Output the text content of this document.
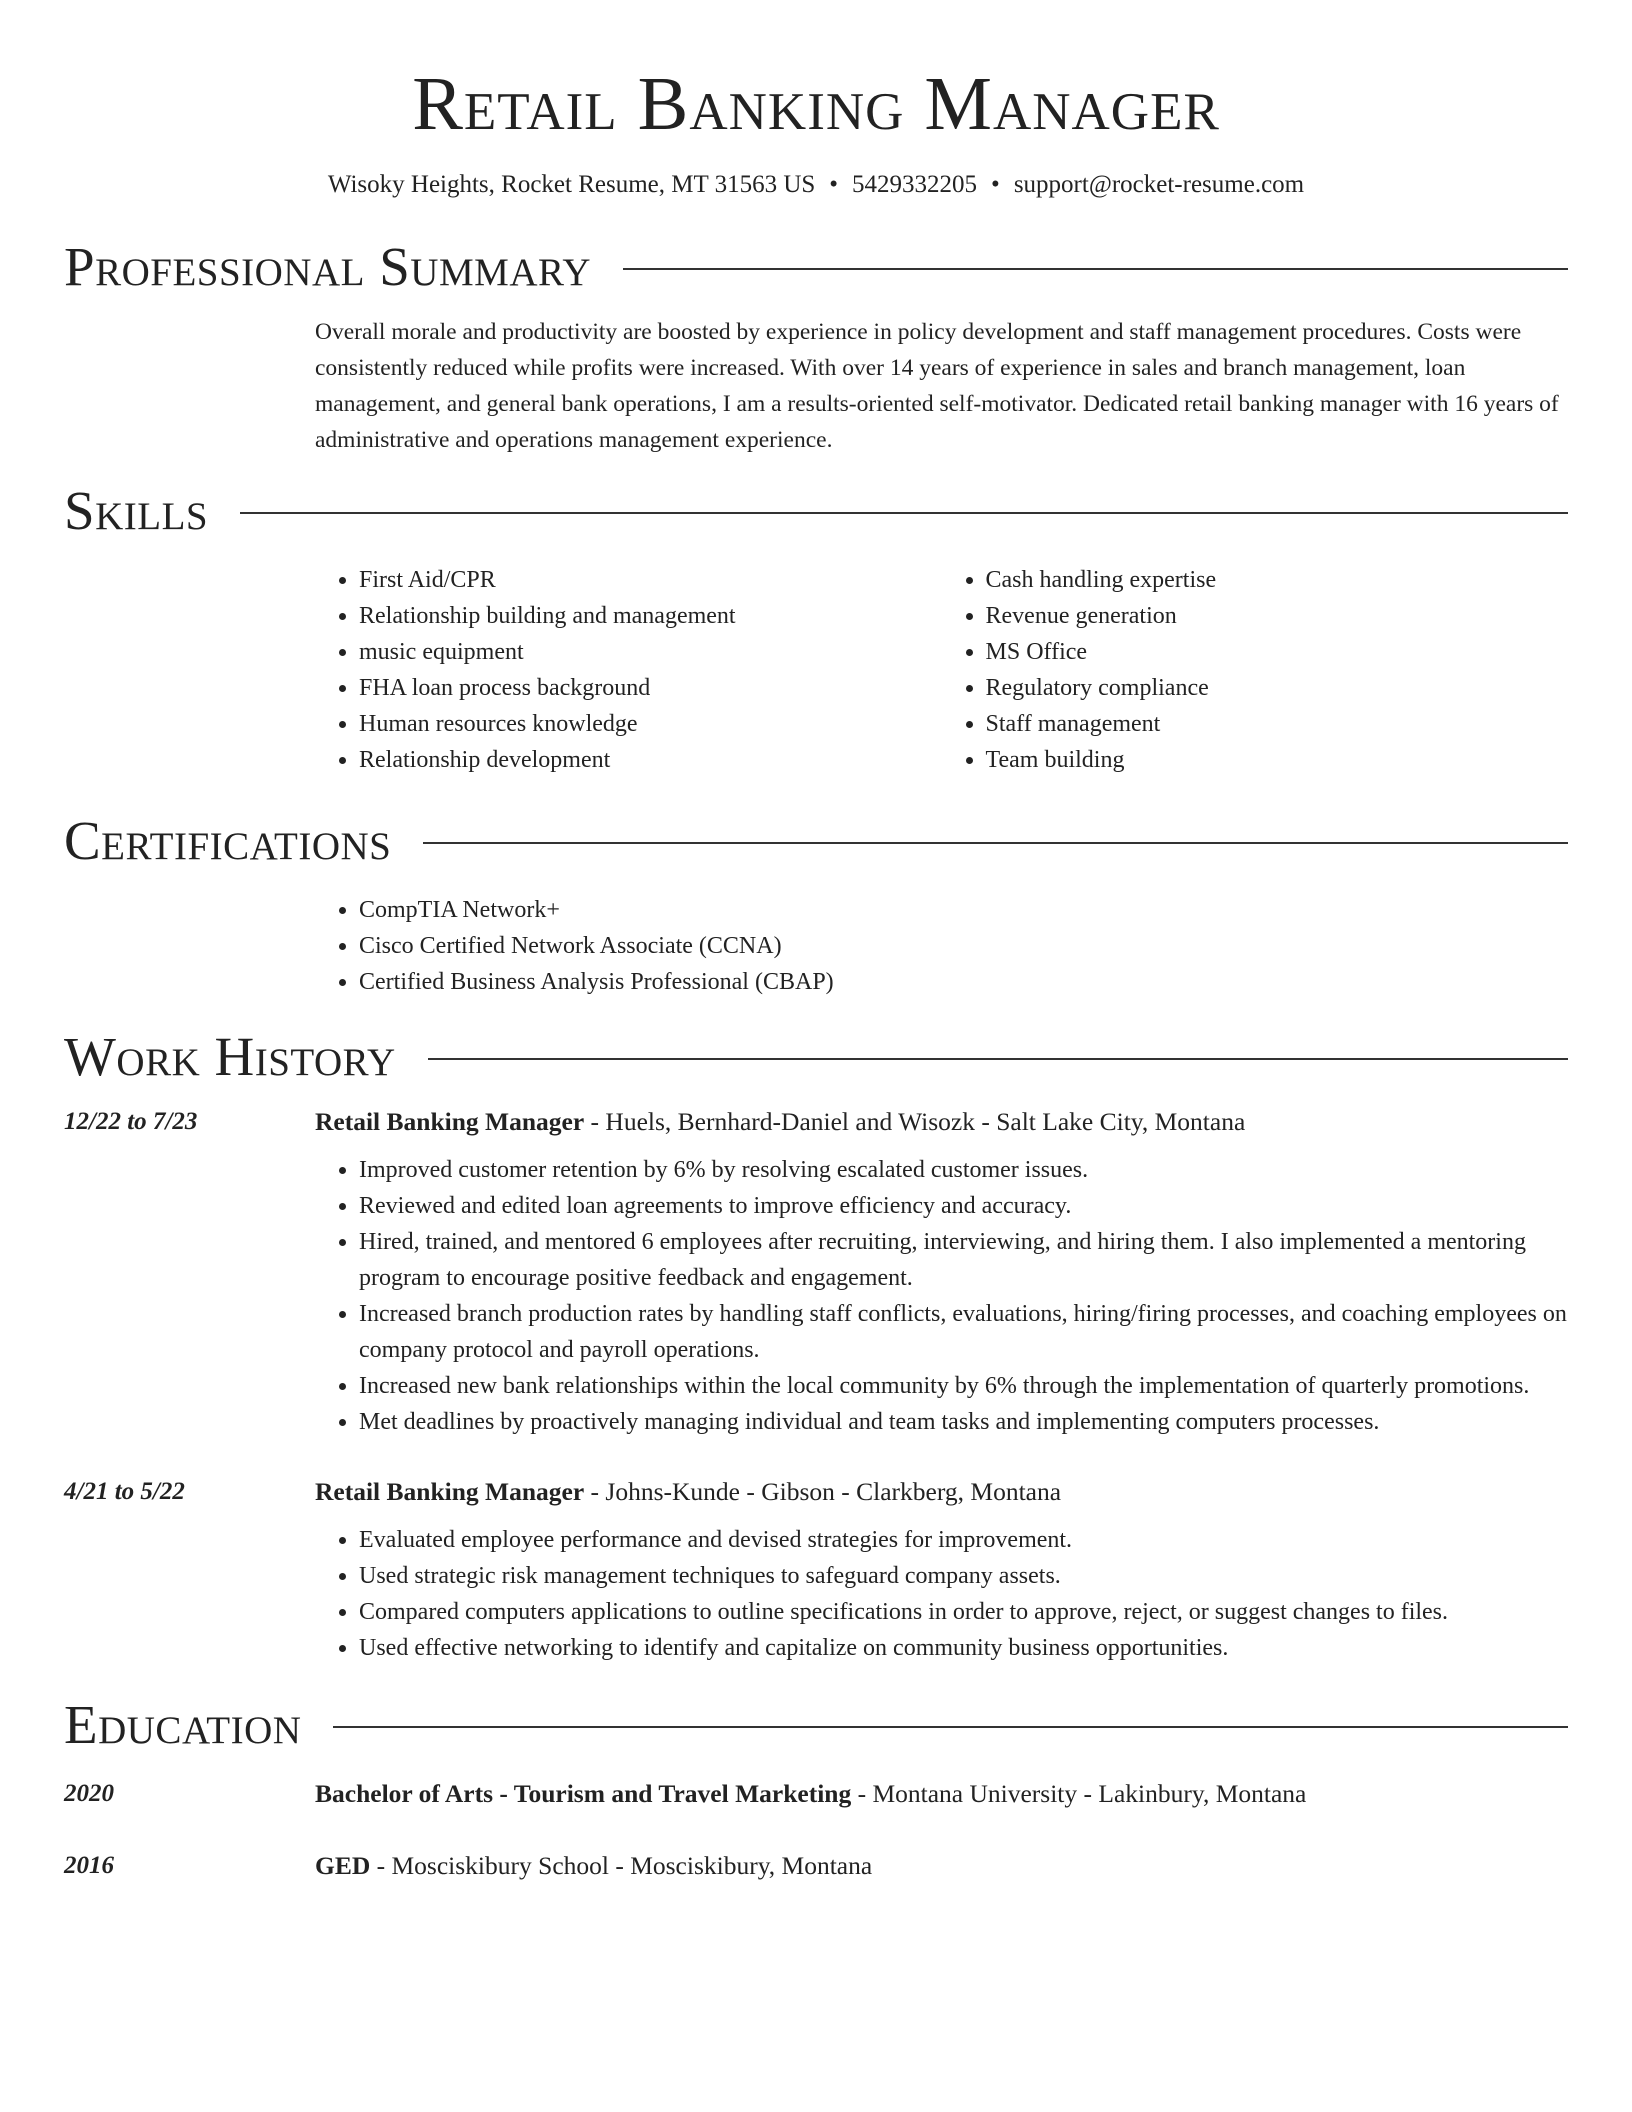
Retail Banking Manager
Wisoky Heights, Rocket Resume, MT 31563 US • 5429332205 • support@rocket-resume.com
Professional Summary
Overall morale and productivity are boosted by experience in policy development and staff management procedures. Costs were consistently reduced while profits were increased. With over 14 years of experience in sales and branch management, loan management, and general bank operations, I am a results-oriented self-motivator. Dedicated retail banking manager with 16 years of administrative and operations management experience.
Skills
• First Aid/CPR
• Relationship building and management
• music equipment
• FHA loan process background
• Human resources knowledge
• Relationship development
• Cash handling expertise
• Revenue generation
• MS Office
• Regulatory compliance
• Staff management
• Team building
Certifications
• CompTIA Network+
• Cisco Certified Network Associate (CCNA)
• Certified Business Analysis Professional (CBAP)
Work History
12/22 to 7/23	Retail Banking Manager - Huels, Bernhard-Daniel and Wisozk - Salt Lake City, Montana
• Improved customer retention by 6% by resolving escalated customer issues.
• Reviewed and edited loan agreements to improve efficiency and accuracy.
• Hired, trained, and mentored 6 employees after recruiting, interviewing, and hiring them. I also implemented a mentoring program to encourage positive feedback and engagement.
• Increased branch production rates by handling staff conflicts, evaluations, hiring/firing processes, and coaching employees on company protocol and payroll operations.
• Increased new bank relationships within the local community by 6% through the implementation of quarterly promotions.
• Met deadlines by proactively managing individual and team tasks and implementing computers processes.
4/21 to 5/22	Retail Banking Manager - Johns-Kunde - Gibson - Clarkberg, Montana
• Evaluated employee performance and devised strategies for improvement.
• Used strategic risk management techniques to safeguard company assets.
• Compared computers applications to outline specifications in order to approve, reject, or suggest changes to files.
• Used effective networking to identify and capitalize on community business opportunities.
Education
2020	Bachelor of Arts - Tourism and Travel Marketing - Montana University - Lakinbury, Montana
2016	GED - Mosciskibury School - Mosciskibury, Montana
